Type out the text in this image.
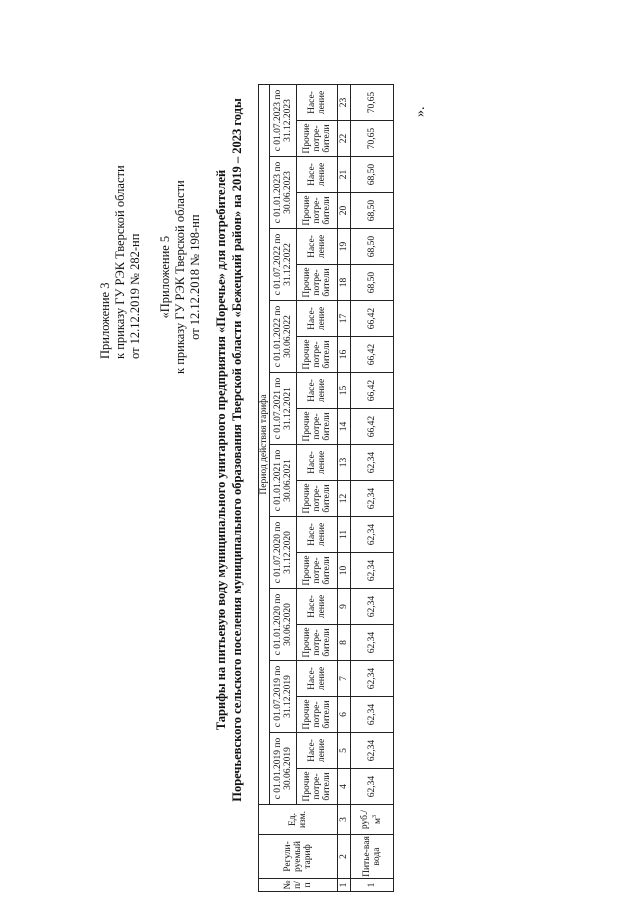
Приложение 3 к приказу ГУ РЭК Тверской области от 12.12.2019 № 282-нп «Приложение 5 к приказу ГУ РЭК Тверской области от 12.12.2018 № 198-нп Тарифы на питьевую воду муниципального унитарного предприятия «Поречье» для потребителей Поречьевского сельского поселения муниципального образования Тверской области «Бежецкий район» на 2019 – 2023 годы
№ п/п	Регули-руемый тариф	Ед. изм.	Период действия тарифа																			
			с 01.01.2019 по 30.06.2019		с 01.07.2019 по 31.12.2019		с 01.01.2020 по 30.06.2020		с 01.07.2020 по 31.12.2020		с 01.01.2021 по 30.06.2021		с 01.07.2021 по 31.12.2021		с 01.01.2022 по 30.06.2022		с 01.07.2022 по 31.12.2022		с 01.01.2023 по 30.06.2023		с 01.07.2023 по 31.12.2023	
			Прочие потре-бители	Насе-ление	Прочие потре-бители	Насе-ление	Прочие потре-бители	Насе-ление	Прочие потре-бители	Насе-ление	Прочие потре-бители	Насе-ление	Прочие потре-бители	Насе-ление	Прочие потре-бители	Насе-ление	Прочие потре-бители	Насе-ление	Прочие потре-бители	Насе-ление	Прочие потре-бители	Насе-ление
1	2	3	4	5	6	7	8	9	10	11	12	13	14	15	16	17	18	19	20	21	22	23
1	Питье-вая вода	$руб./м^3$	62,34	62,34	62,34	62,34	62,34	62,34	62,34	62,34	62,34	62,34	66,42	66,42	66,42	66,42	68,50	68,50	68,50	68,50	70,65	70,65	».
